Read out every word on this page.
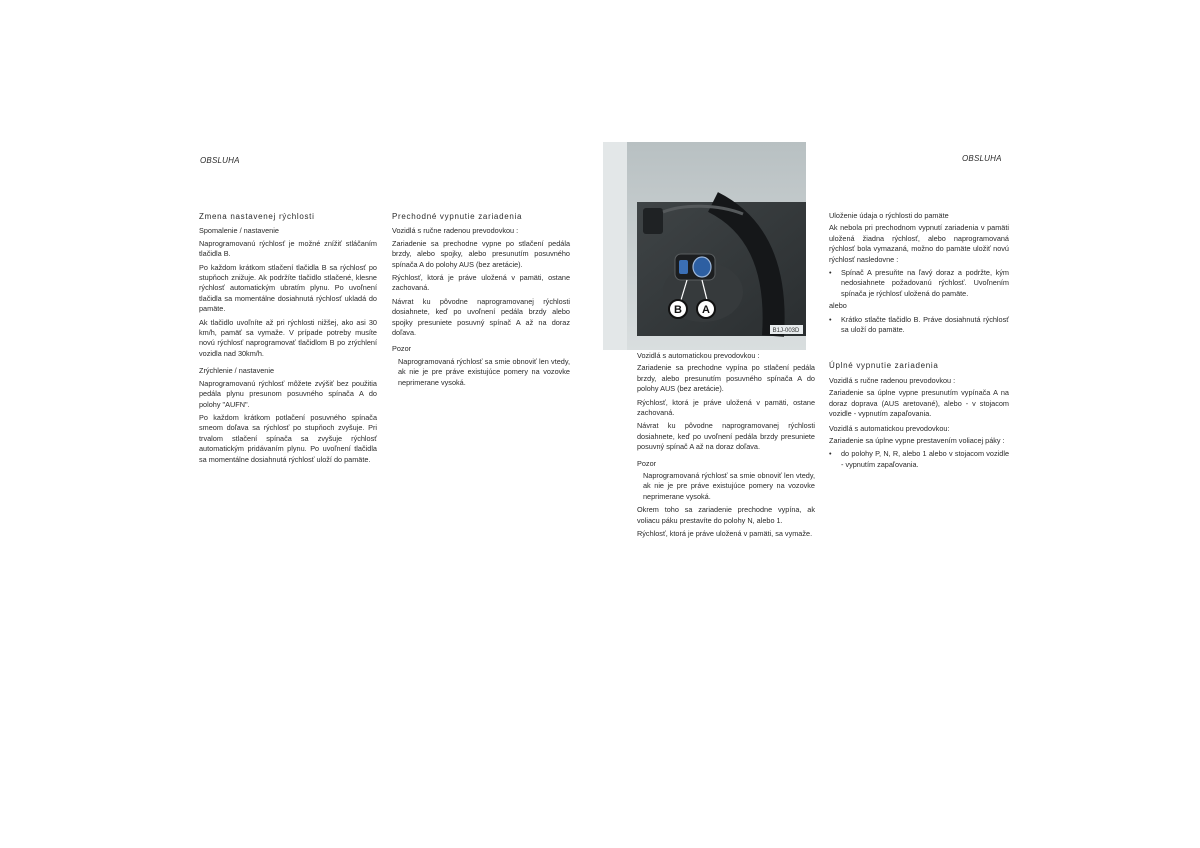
OBSLUHA

Zmena nastavenej rýchlosti

Spomalenie / nastavenie

Naprogramovanú rýchlosť je možné znížiť stláčaním tlačidla B.

Po každom krátkom stlačení tlačidla B sa rýchlosť po stupňoch znižuje. Ak podržíte tlačidlo stlačené, klesne rýchlosť automatickým ubratím plynu. Po uvoľnení tlačidla sa momentálne dosiahnutá rýchlosť ukladá do pamäte.

Ak tlačidlo uvoľníte až pri rýchlosti nižšej, ako asi 30 km/h, pamäť sa vymaže. V prípade potreby musíte novú rýchlosť naprogramovať tlačidlom B po zrýchlení vozidla nad 30km/h.

Zrýchlenie / nastavenie

Naprogramovanú rýchlosť môžete zvýšiť bez použitia pedála plynu presunom posuvného spínača A do polohy "AUFN".

Po každom krátkom potlačení posuvného spínača smeom doľava sa rýchlosť po stupňoch zvyšuje. Pri trvalom stlačení spínača sa zvyšuje rýchlosť automatickým pridávaním plynu. Po uvoľnení tlačidla sa momentálne dosiahnutá rýchlosť uloží do pamäte.

Prechodné vypnutie zariadenia

Vozidlá s ručne radenou prevodovkou :

Zariadenie sa prechodne vypne po stlačení pedála brzdy, alebo spojky, alebo presunutím posuvného spínača A do polohy AUS (bez aretácie).

Rýchlosť, ktorá je práve uložená v pamäti, ostane zachovaná.

Návrat ku pôvodne naprogramovanej rýchlosti dosiahnete, keď po uvoľnení pedála brzdy alebo spojky presuniete posuvný spínač A až na doraz doľava.

Pozor

Naprogramovaná rýchlosť sa smie obnoviť len vtedy, ak nie je pre práve existujúce pomery na vozovke neprimerane vysoká.

OBSLUHA
B A
B1J-003D

Vozidlá s automatickou prevodovkou :

Zariadenie sa prechodne vypína po stlačení pedála brzdy, alebo presunutím posuvného spínača A do polohy AUS (bez aretácie).

Rýchlosť, ktorá je práve uložená v pamäti, ostane zachovaná.

Návrat ku pôvodne naprogramovanej rýchlosti dosiahnete, keď po uvoľnení pedála brzdy presuniete posuvný spínač A až na doraz doľava.

Pozor

Naprogramovaná rýchlosť sa smie obnoviť len vtedy, ak nie je pre práve existujúce pomery na vozovke neprimerane vysoká.

Okrem toho sa zariadenie prechodne vypína, ak voliacu páku prestavíte do polohy N, alebo 1.

Rýchlosť, ktorá je práve uložená v pamäti, sa vymaže.

Uloženie údaja o rýchlosti do pamäte

Ak nebola pri prechodnom vypnutí zariadenia v pamäti uložená žiadna rýchlosť, alebo naprogramovaná rýchlosť bola vymazaná, možno do pamäte uložiť novú rýchlosť nasledovne :

•	Spínač A presuňte na ľavý doraz a podržte, kým nedosiahnete požadovanú rýchlosť. Uvoľnením spínača je rýchlosť uložená do pamäte.

alebo

•	Krátko stlačte tlačidlo B. Práve dosiahnutá rýchlosť sa uloží do pamäte.

Úplné vypnutie zariadenia

Vozidlá s ručne radenou prevodovkou :

Zariadenie sa úplne vypne presunutím vypínača A na doraz doprava (AUS aretované), alebo - v stojacom vozidle - vypnutím zapaľovania.

Vozidlá s automatickou prevodovkou:

Zariadenie sa úplne vypne prestavením voliacej páky :

•	do polohy P, N, R, alebo 1 alebo v stojacom vozidle - vypnutím zapaľovania.
